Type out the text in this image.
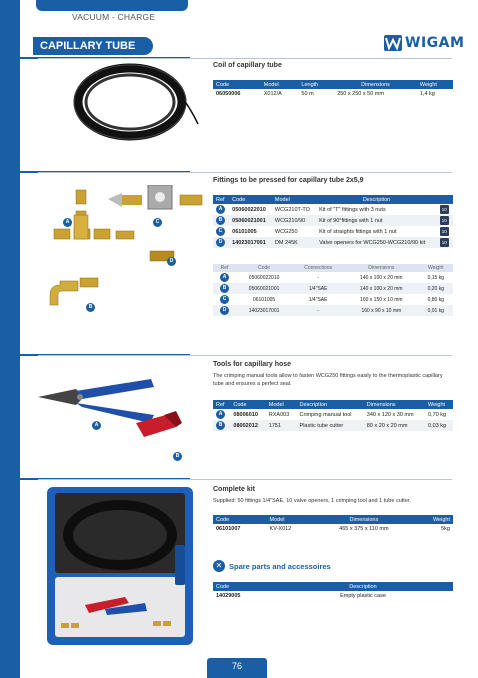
VACUUM - CHARGE
CAPILLARY TUBE	WIGAM
Coil of capillary tube
Code	Model	Length	Dimensions	Weight
06050006	X012/A	50 m	250 x 250 x 50 mm	1,4 kg
A	C
D
B
Fittings to be pressed for capillary tube 2x5,9
Ref	Code	Model	Description	
A	05060022010	WCG210T-TO	Kit of "T" fittings with 3 nuts	10
B	05060021001	WCG210/90	Kit of 90°fittings with 1 nut	10
C	06101005	WCG250	Kit of straights fittings with 1 nut	10
D	14023017001	DM 245K	Valve openers for WCG250-WCG210/90 kit	10
Ref	Code	Connections	Dimensions	Weight
A	05060022010	-	140 x 100 x 20 mm	0,15 kg
B	05060021001	1/4"SAE	140 x 100 x 20 mm	0,20 kg
C	06101005	1/4"SAE	160 x 150 x 10 mm	0,80 kg
D	14023017001	-	160 x 90 x 10 mm	0,01 kg
A
B
Tools for capillary hose
The crimping manual tools allow to fasten WCG250 fittings easily to the thermoplastic capillary tube and ensures a perfect seal.
Ref	Code	Model	Description	Dimensions	Weight
A	08006010	RXA003	Crimping manual tool	340 x 120 x 30 mm	0,70 kg
B	08002012	1751	Plastic tube cutter	80 x 20 x 20 mm	0,03 kg
Complete kit
Supplied: 50 fittings 1/4"SAE, 10 valve openers, 1 crimping tool and 1 tube cutter.
Code	Model	Dimensions	Weight
06101007	KV-X012	465 x 375 x 110 mm	5kg
✕ Spare parts and accessoires
Code	Description
14029005	Empty plastic case
76
